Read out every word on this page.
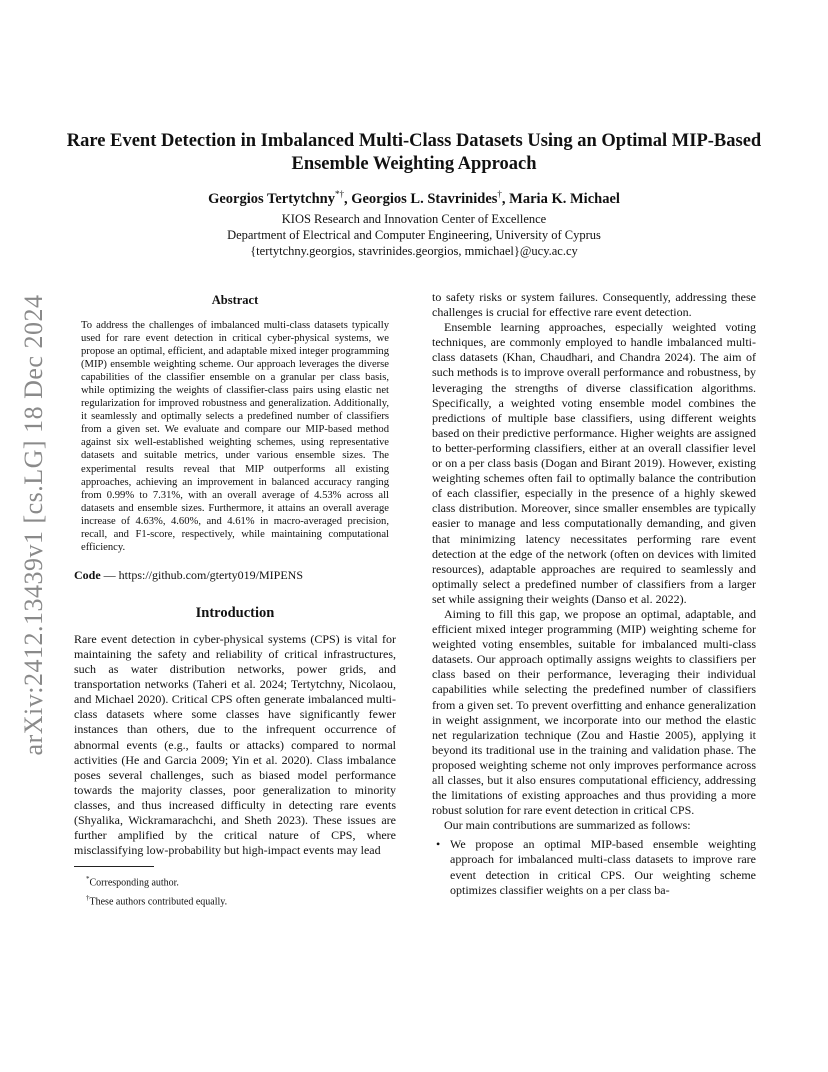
arXiv:2412.13439v1 [cs.LG] 18 Dec 2024
Rare Event Detection in Imbalanced Multi-Class Datasets Using an Optimal MIP-Based Ensemble Weighting Approach
Georgios Tertytchny*†, Georgios L. Stavrinides†, Maria K. Michael
KIOS Research and Innovation Center of Excellence
Department of Electrical and Computer Engineering, University of Cyprus
{tertytchny.georgios, stavrinides.georgios, mmichael}@ucy.ac.cy
Abstract

To address the challenges of imbalanced multi-class datasets typically used for rare event detection in critical cyber-physical systems, we propose an optimal, efficient, and adaptable mixed integer programming (MIP) ensemble weighting scheme. Our approach leverages the diverse capabilities of the classifier ensemble on a granular per class basis, while optimizing the weights of classifier-class pairs using elastic net regularization for improved robustness and generalization. Additionally, it seamlessly and optimally selects a predefined number of classifiers from a given set. We evaluate and compare our MIP-based method against six well-established weighting schemes, using representative datasets and suitable metrics, under various ensemble sizes. The experimental results reveal that MIP outperforms all existing approaches, achieving an improvement in balanced accuracy ranging from 0.99% to 7.31%, with an overall average of 4.53% across all datasets and ensemble sizes. Furthermore, it attains an overall average increase of 4.63%, 4.60%, and 4.61% in macro-averaged precision, recall, and F1-score, respectively, while maintaining computational efficiency.

Code — https://github.com/gterty019/MIPENS
Introduction

Rare event detection in cyber-physical systems (CPS) is vital for maintaining the safety and reliability of critical infrastructures, such as water distribution networks, power grids, and transportation networks (Taheri et al. 2024; Tertytchny, Nicolaou, and Michael 2020). Critical CPS often generate imbalanced multi-class datasets where some classes have significantly fewer instances than others, due to the infrequent occurrence of abnormal events (e.g., faults or attacks) compared to normal activities (He and Garcia 2009; Yin et al. 2020). Class imbalance poses several challenges, such as biased model performance towards the majority classes, poor generalization to minority classes, and thus increased difficulty in detecting rare events (Shyalika, Wickramarachchi, and Sheth 2023). These issues are further amplified by the critical nature of CPS, where misclassifying low-probability but high-impact events may lead

*Corresponding author.
†These authors contributed equally.

to safety risks or system failures. Consequently, addressing these challenges is crucial for effective rare event detection.

Ensemble learning approaches, especially weighted voting techniques, are commonly employed to handle imbalanced multi-class datasets (Khan, Chaudhari, and Chandra 2024). The aim of such methods is to improve overall performance and robustness, by leveraging the strengths of diverse classification algorithms. Specifically, a weighted voting ensemble model combines the predictions of multiple base classifiers, using different weights based on their predictive performance. Higher weights are assigned to better-performing classifiers, either at an overall classifier level or on a per class basis (Dogan and Birant 2019). However, existing weighting schemes often fail to optimally balance the contribution of each classifier, especially in the presence of a highly skewed class distribution. Moreover, since smaller ensembles are typically easier to manage and less computationally demanding, and given that minimizing latency necessitates performing rare event detection at the edge of the network (often on devices with limited resources), adaptable approaches are required to seamlessly and optimally select a predefined number of classifiers from a larger set while assigning their weights (Danso et al. 2022).

Aiming to fill this gap, we propose an optimal, adaptable, and efficient mixed integer programming (MIP) weighting scheme for weighted voting ensembles, suitable for imbalanced multi-class datasets. Our approach optimally assigns weights to classifiers per class based on their performance, leveraging their individual capabilities while selecting the predefined number of classifiers from a given set. To prevent overfitting and enhance generalization in weight assignment, we incorporate into our method the elastic net regularization technique (Zou and Hastie 2005), applying it beyond its traditional use in the training and validation phase. The proposed weighting scheme not only improves performance across all classes, but it also ensures computational efficiency, addressing the limitations of existing approaches and thus providing a more robust solution for rare event detection in critical CPS.

Our main contributions are summarized as follows:

• We propose an optimal MIP-based ensemble weighting approach for imbalanced multi-class datasets to improve rare event detection in critical CPS. Our weighting scheme optimizes classifier weights on a per class ba-
